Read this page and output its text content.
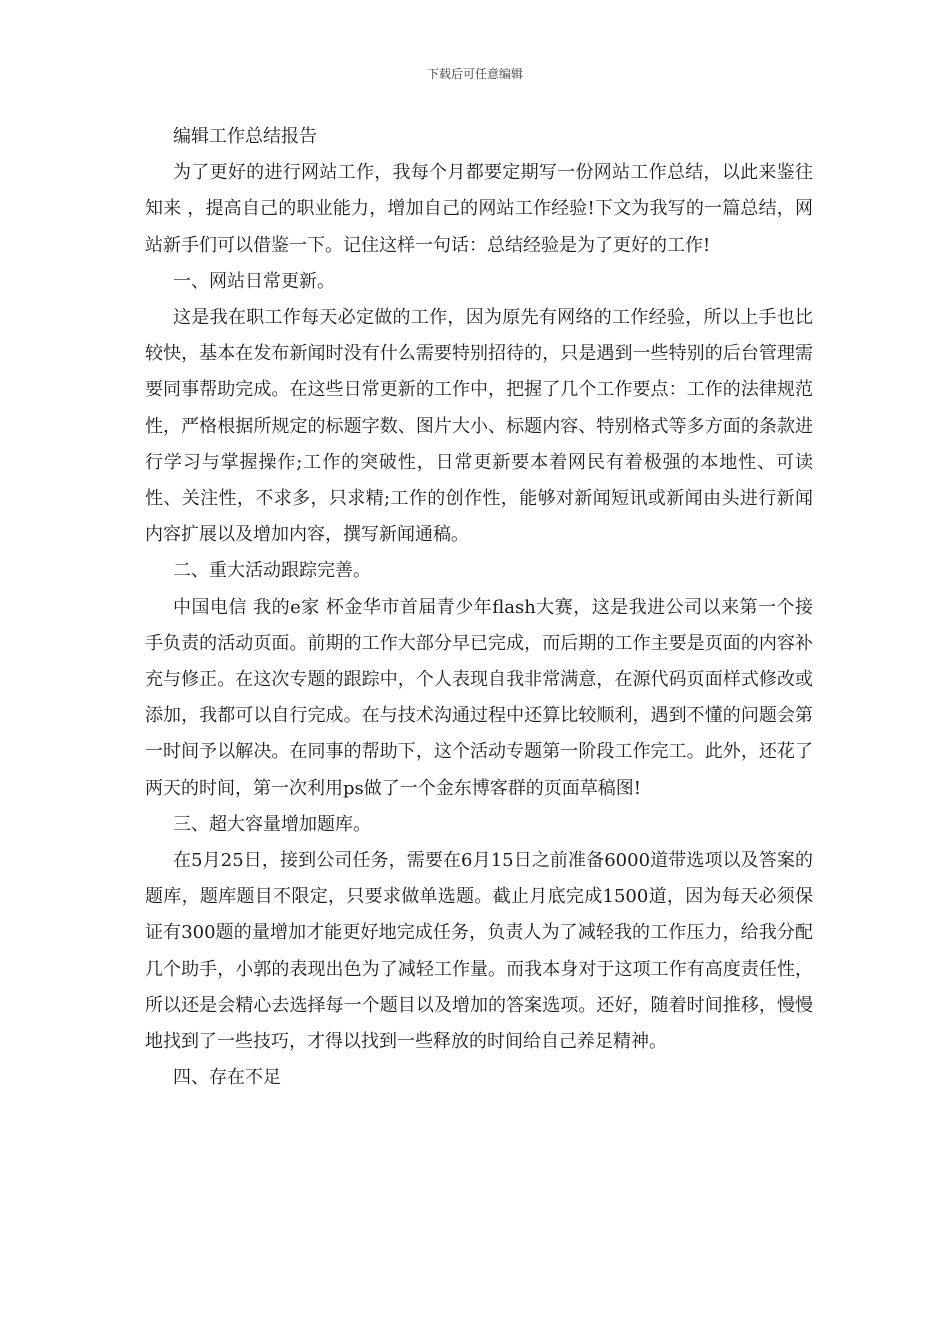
下载后可任意编辑

编辑工作总结报告

为了更好的进行网站工作，我每个月都要定期写一份网站工作总结，以此来鉴往知来 ，提高自己的职业能力，增加自己的网站工作经验!下文为我写的一篇总结，网站新手们可以借鉴一下。记住这样一句话：总结经验是为了更好的工作!

一、网站日常更新。

这是我在职工作每天必定做的工作，因为原先有网络的工作经验，所以上手也比较快，基本在发布新闻时没有什么需要特别招待的，只是遇到一些特别的后台管理需要同事帮助完成。在这些日常更新的工作中，把握了几个工作要点：工作的法律规范性，严格根据所规定的标题字数、图片大小、标题内容、特别格式等多方面的条款进行学习与掌握操作;工作的突破性，日常更新要本着网民有着极强的本地性、可读性、关注性，不求多，只求精;工作的创作性，能够对新闻短讯或新闻由头进行新闻内容扩展以及增加内容，撰写新闻通稿。

二、重大活动跟踪完善。

中国电信 我的e家 杯金华市首届青少年flash大赛，这是我进公司以来第一个接手负责的活动页面。前期的工作大部分早已完成，而后期的工作主要是页面的内容补充与修正。在这次专题的跟踪中，个人表现自我非常满意，在源代码页面样式修改或添加，我都可以自行完成。在与技术沟通过程中还算比较顺利，遇到不懂的问题会第一时间予以解决。在同事的帮助下，这个活动专题第一阶段工作完工。此外，还花了两天的时间，第一次利用ps做了一个金东博客群的页面草稿图!

三、超大容量增加题库。

在5月25日，接到公司任务，需要在6月15日之前准备6000道带选项以及答案的题库，题库题目不限定，只要求做单选题。截止月底完成1500道，因为每天必须保证有300题的量增加才能更好地完成任务，负责人为了减轻我的工作压力，给我分配几个助手，小郭的表现出色为了减轻工作量。而我本身对于这项工作有高度责任性，所以还是会精心去选择每一个题目以及增加的答案选项。还好，随着时间推移，慢慢地找到了一些技巧，才得以找到一些释放的时间给自己养足精神。

四、存在不足
